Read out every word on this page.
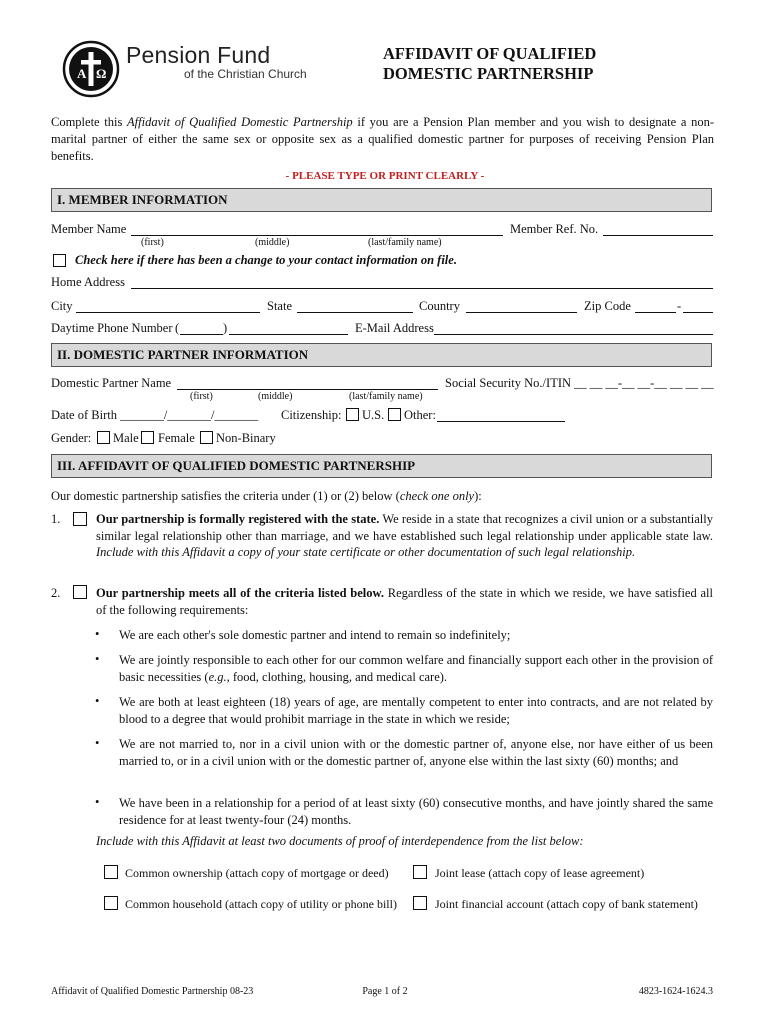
A Ω
Pension Fund
of the Christian Church
AFFIDAVIT OF QUALIFIED
DOMESTIC PARTNERSHIP
Complete this Affidavit of Qualified Domestic Partnership if you are a Pension Plan member and you wish to designate a non-marital partner of either the same sex or opposite sex as a qualified domestic partner for purposes of receiving Pension Plan benefits.
- PLEASE TYPE OR PRINT CLEARLY -
I. MEMBER INFORMATION
Member Name
(first)	(middle)	(last/family name)
Member Ref. No.
Check here if there has been a change to your contact information on file.
Home Address
City	State	Country	Zip Code	-
Daytime Phone Number (	)	E-Mail Address
II. DOMESTIC PARTNER INFORMATION
Domestic Partner Name
(first)	(middle)	(last/family name)
Social Security No./ITIN __ __ __-__ __-__ __ __ __
Date of Birth _______/_______/_______ Citizenship: U.S. Other:
Gender: Male Female Non-Binary
III. AFFIDAVIT OF QUALIFIED DOMESTIC PARTNERSHIP
Our domestic partnership satisfies the criteria under (1) or (2) below (check one only):
1.	Our partnership is formally registered with the state. We reside in a state that recognizes a civil union or a substantially similar legal relationship other than marriage, and we have established such legal relationship under applicable state law. Include with this Affidavit a copy of your state certificate or other documentation of such legal relationship.
2.	Our partnership meets all of the criteria listed below. Regardless of the state in which we reside, we have satisfied all of the following requirements:
•	We are each other's sole domestic partner and intend to remain so indefinitely;
•	We are jointly responsible to each other for our common welfare and financially support each other in the provision of basic necessities (e.g., food, clothing, housing, and medical care).
•	We are both at least eighteen (18) years of age, are mentally competent to enter into contracts, and are not related by blood to a degree that would prohibit marriage in the state in which we reside;
•	We are not married to, nor in a civil union with or the domestic partner of, anyone else, nor have either of us been married to, or in a civil union with or the domestic partner of, anyone else within the last sixty (60) months; and
•	We have been in a relationship for a period of at least sixty (60) consecutive months, and have jointly shared the same residence for at least twenty-four (24) months.
Include with this Affidavit at least two documents of proof of interdependence from the list below:
Common ownership (attach copy of mortgage or deed)	Joint lease (attach copy of lease agreement)
Common household (attach copy of utility or phone bill)	Joint financial account (attach copy of bank statement)
Affidavit of Qualified Domestic Partnership 08-23	Page 1 of 2	4823-1624-1624.3
